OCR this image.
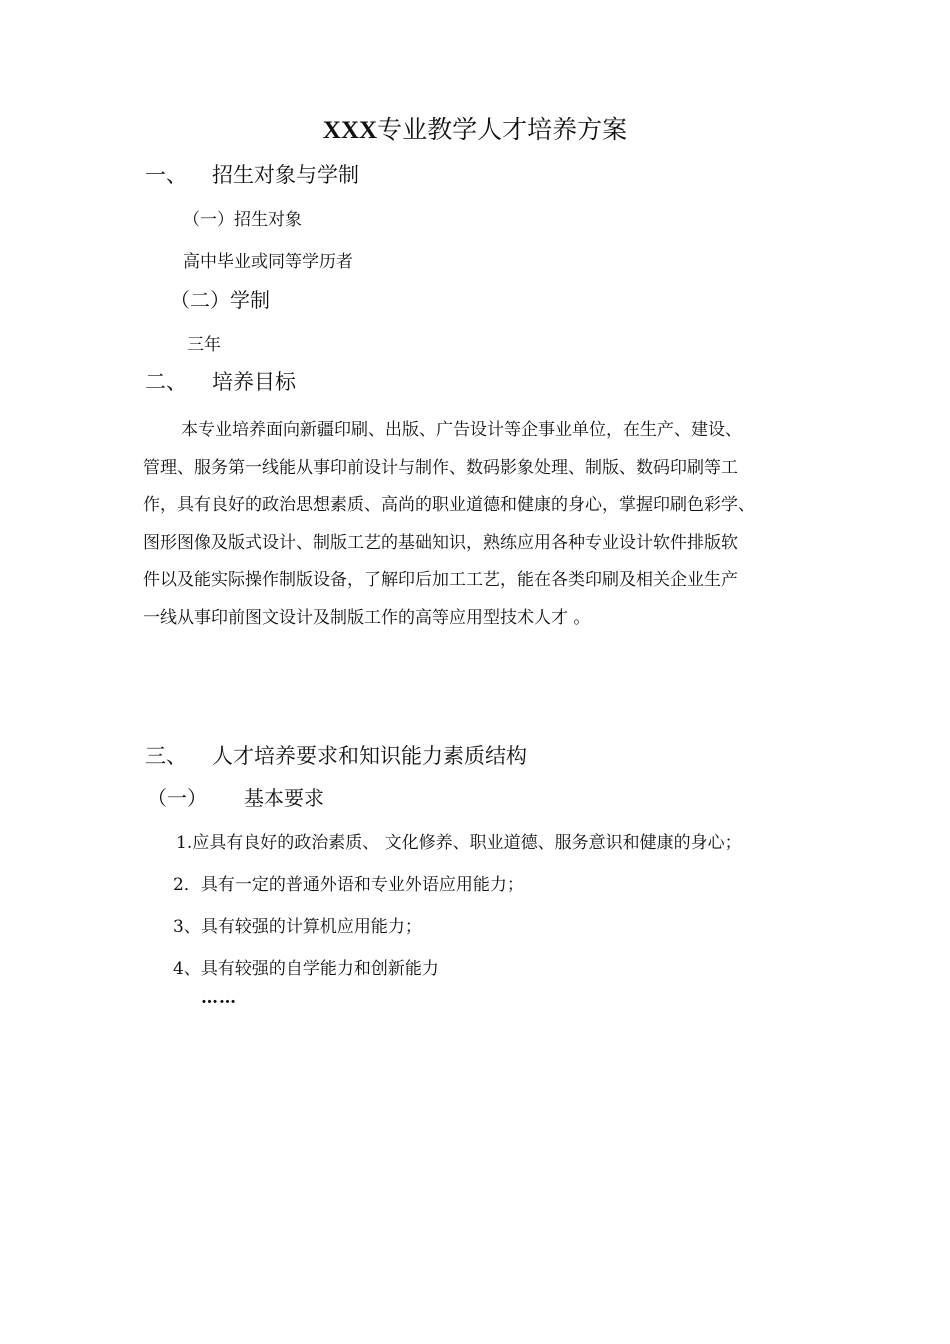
XXX专业教学人才培养方案
一、 招生对象与学制
（一）招生对象
高中毕业或同等学历者
（二）学制
三年
二、 培养目标
本专业培养面向新疆印刷、出版、广告设计等企事业单位，在生产、建设、
管理、服务第一线能从事印前设计与制作、数码影象处理、制版、数码印刷等工
作，具有良好的政治思想素质、高尚的职业道德和健康的身心，掌握印刷色彩学、
图形图像及版式设计、制版工艺的基础知识，熟练应用各种专业设计软件排版软
件以及能实际操作制版设备，了解印后加工工艺，能在各类印刷及相关企业生产
一线从事印前图文设计及制版工作的高等应用型技术人才 。
三、 人才培养要求和知识能力素质结构
（一） 基本要求
1.应具有良好的政治素质、 文化修养、职业道德、服务意识和健康的身心；
2．具有一定的普通外语和专业外语应用能力；
3、具有较强的计算机应用能力；
4、具有较强的自学能力和创新能力
……
